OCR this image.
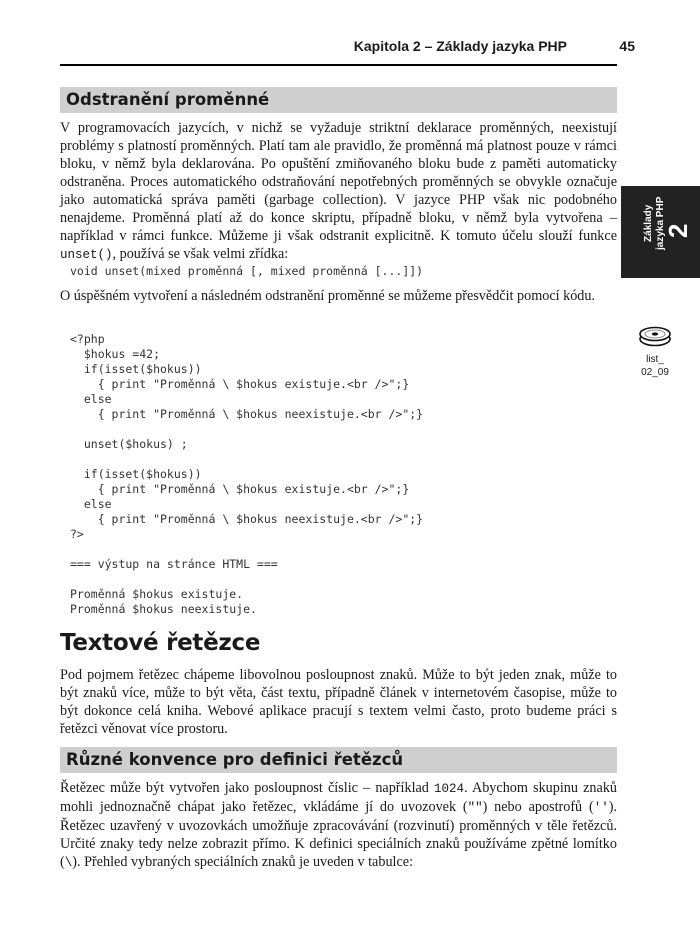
Kapitola 2 – Základy jazyka PHP	45
2
Základy jazyka PHP
list_
02_09
Odstranění proměnné

V programovacích jazycích, v nichž se vyžaduje striktní deklarace proměnných, neexistují problémy s platností proměnných. Platí tam ale pravidlo, že proměnná má platnost pouze v rámci bloku, v němž byla deklarována. Po opuštění zmiňovaného bloku bude z paměti automaticky odstraněna. Proces automatického odstraňování nepotřebných proměnných se obvykle označuje jako automatická správa paměti (garbage collection). V jazyce PHP však nic podobného nenajdeme. Proměnná platí až do konce skriptu, případně bloku, v němž byla vytvořena – například v rámci funkce. Můžeme ji však odstranit explicitně. K tomuto účelu slouží funkce unset(), používá se však velmi zřídka:

void unset(mixed proměnná [, mixed proměnná [...]])

O úspěšném vytvoření a následném odstranění proměnné se můžeme přesvědčit pomocí kódu.

<?php
$hokus =42;
if(isset($hokus))
{ print "Proměnná \ $hokus existuje.<br />";}
else
{ print "Proměnná \ $hokus neexistuje.<br />";}

unset($hokus) ;

if(isset($hokus))
{ print "Proměnná \ $hokus existuje.<br />";}
else
{ print "Proměnná \ $hokus neexistuje.<br />";}
?>

=== výstup na stránce HTML ===

Proměnná $hokus existuje.
Proměnná $hokus neexistuje.
Textové řetězce

Pod pojmem řetězec chápeme libovolnou posloupnost znaků. Může to být jeden znak, může to být znaků více, může to být věta, část textu, případně článek v internetovém časopise, může to být dokonce celá kniha. Webové aplikace pracují s textem velmi často, proto budeme práci s řetězci věnovat více prostoru.

Různé konvence pro definici řetězců

Řetězec může být vytvořen jako posloupnost číslic – například 1024. Abychom skupinu znaků mohli jednoznačně chápat jako řetězec, vkládáme jí do uvozovek ("") nebo apostrofů (''). Řetězec uzavřený v uvozovkách umožňuje zpracovávání (rozvinutí) proměnných v těle řetězců. Určité znaky tedy nelze zobrazit přímo. K definici speciálních znaků používáme zpětné lomítko (\). Přehled vybraných speciálních znaků je uveden v tabulce:
